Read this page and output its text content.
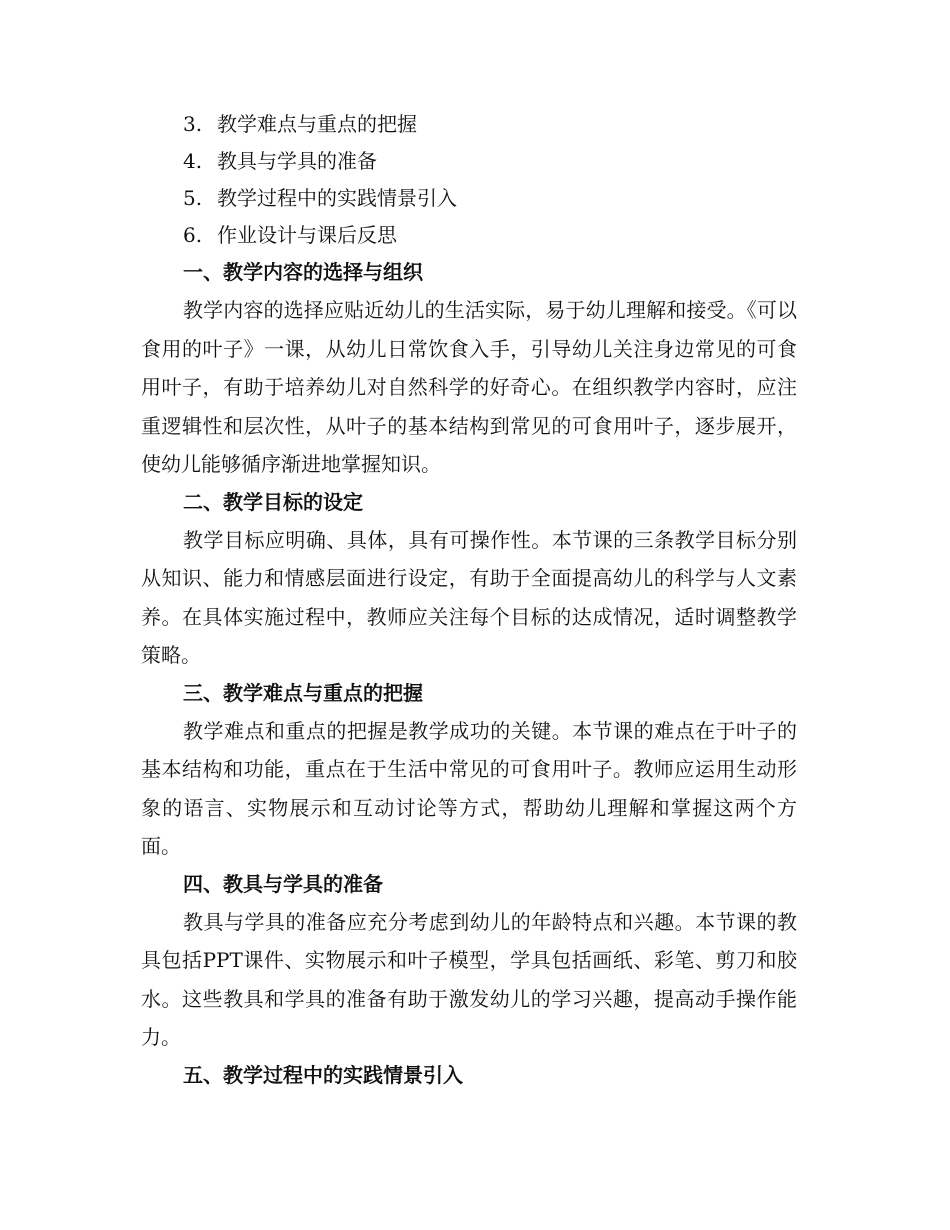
3. 教学难点与重点的把握
4. 教具与学具的准备
5. 教学过程中的实践情景引入
6. 作业设计与课后反思
一、教学内容的选择与组织

教学内容的选择应贴近幼儿的生活实际，易于幼儿理解和接受。《可以食用的叶子》一课，从幼儿日常饮食入手，引导幼儿关注身边常见的可食用叶子，有助于培养幼儿对自然科学的好奇心。在组织教学内容时，应注重逻辑性和层次性，从叶子的基本结构到常见的可食用叶子，逐步展开，使幼儿能够循序渐进地掌握知识。

二、教学目标的设定

教学目标应明确、具体，具有可操作性。本节课的三条教学目标分别从知识、能力和情感层面进行设定，有助于全面提高幼儿的科学与人文素养。在具体实施过程中，教师应关注每个目标的达成情况，适时调整教学策略。

三、教学难点与重点的把握

教学难点和重点的把握是教学成功的关键。本节课的难点在于叶子的基本结构和功能，重点在于生活中常见的可食用叶子。教师应运用生动形象的语言、实物展示和互动讨论等方式，帮助幼儿理解和掌握这两个方面。

四、教具与学具的准备

教具与学具的准备应充分考虑到幼儿的年龄特点和兴趣。本节课的教具包括PPT课件、实物展示和叶子模型，学具包括画纸、彩笔、剪刀和胶水。这些教具和学具的准备有助于激发幼儿的学习兴趣，提高动手操作能力。

五、教学过程中的实践情景引入
